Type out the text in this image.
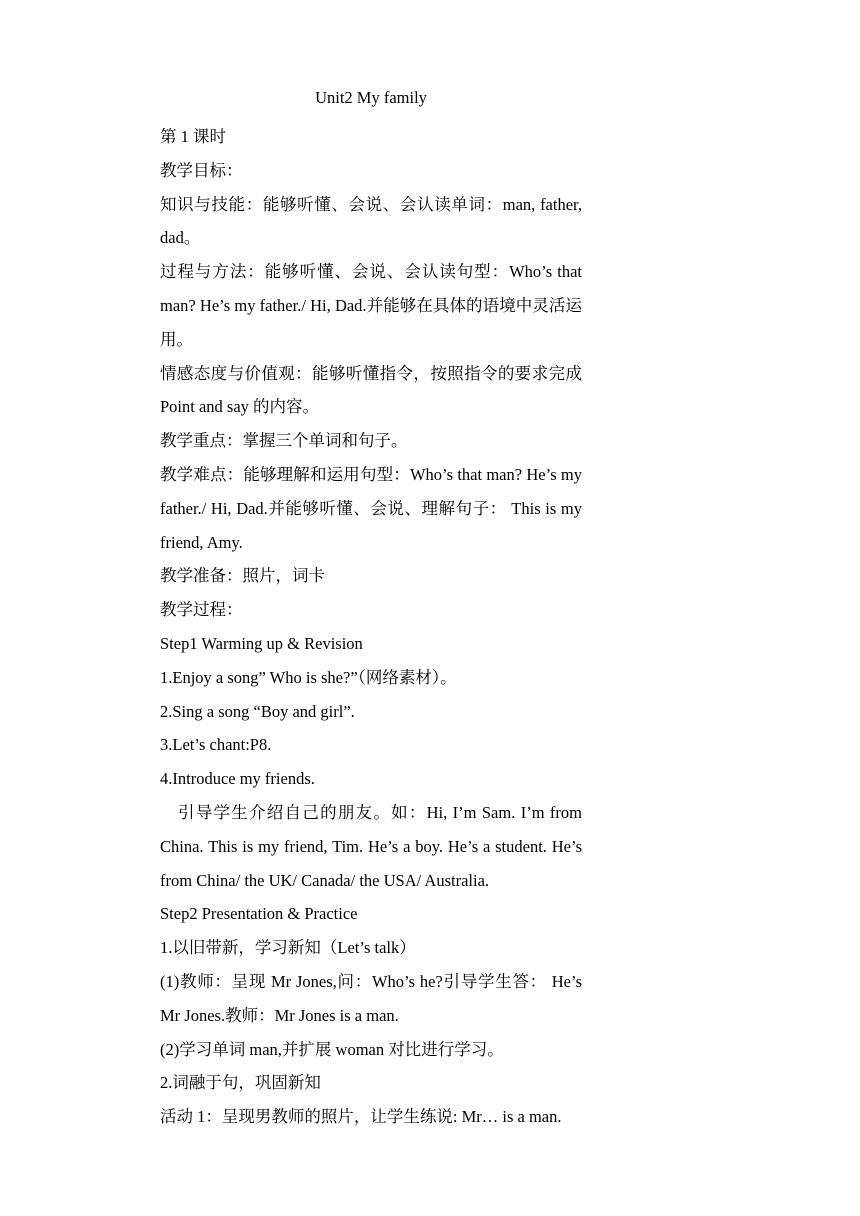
Unit2 My family

第 1 课时

教学目标：

知识与技能：能够听懂、会说、会认读单词：man, father, dad。

过程与方法：能够听懂、会说、会认读句型：Who’s that man? He’s my father./ Hi, Dad.并能够在具体的语境中灵活运用。

情感态度与价值观：能够听懂指令，按照指令的要求完成 Point and say 的内容。

教学重点：掌握三个单词和句子。

教学难点：能够理解和运用句型：Who’s that man? He’s my father./ Hi, Dad.并能够听懂、会说、理解句子： This is my friend, Amy.

教学准备：照片，词卡

教学过程：

Step1 Warming up & Revision

1.Enjoy a song” Who is she?”（网络素材）。

2.Sing a song “Boy and girl”.

3.Let’s chant:P8.

4.Introduce my friends.

引导学生介绍自己的朋友。如：Hi, I’m Sam. I’m from China. This is my friend, Tim. He’s a boy. He’s a student. He’s from China/ the UK/ Canada/ the USA/ Australia.

Step2 Presentation & Practice

1.以旧带新，学习新知（Let’s talk）

(1)教师：呈现 Mr Jones,问：Who’s he?引导学生答： He’s Mr Jones.教师：Mr Jones is a man.

(2)学习单词 man,并扩展 woman 对比进行学习。

2.词融于句，巩固新知

活动 1：呈现男教师的照片，让学生练说: Mr… is a man.
